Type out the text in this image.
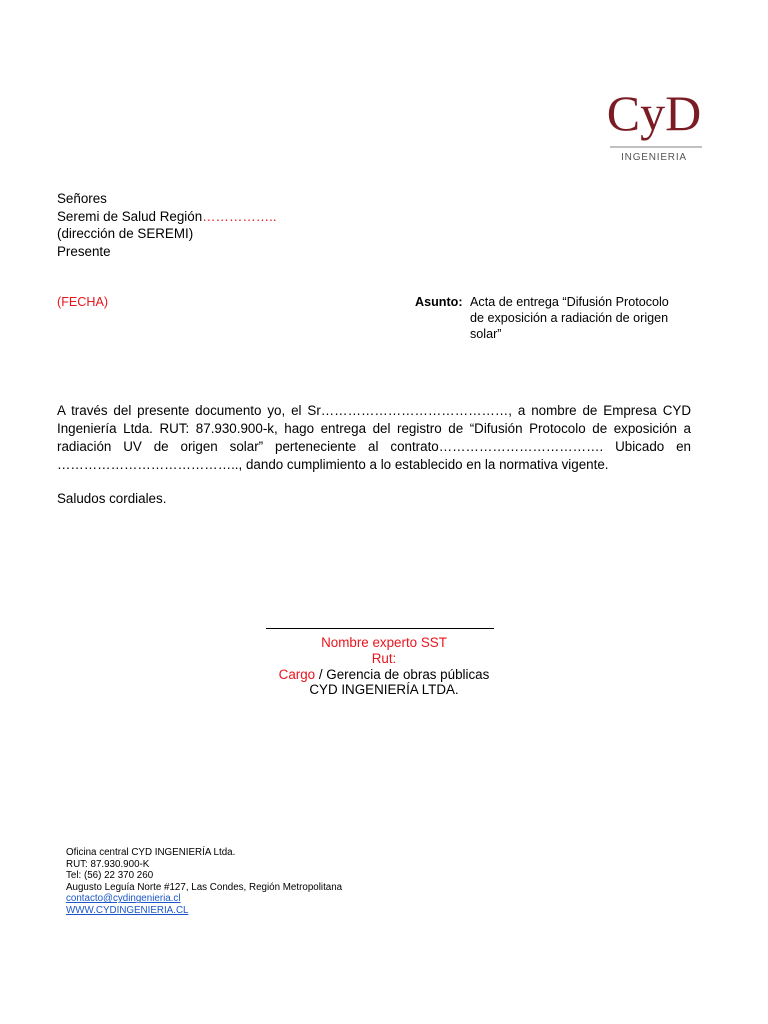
CyD
INGENIERIA
Señores
Seremi de Salud Región……………..
(dirección de SEREMI)
Presente
(FECHA)	Asunto: Acta de entrega “Difusión Protocolo
de exposición a radiación de origen
solar”
A través del presente documento yo, el Sr……………………………………, a nombre de Empresa CYD
Ingeniería Ltda. RUT: 87.930.900-k, hago entrega del registro de “Difusión Protocolo de exposición a
radiación UV de origen solar” perteneciente al contrato………………………………. Ubicado en
………………………………….., dando cumplimiento a lo establecido en la normativa vigente.
Saludos cordiales.
Nombre experto SST
Rut:
Cargo / Gerencia de obras públicas
CYD INGENIERÍA LTDA.
Oficina central CYD INGENIERÍA Ltda.
RUT: 87.930.900-K
Tel: (56) 22 370 260
Augusto Leguía Norte #127, Las Condes, Región Metropolitana
contacto@cydingenieria.cl
WWW.CYDINGENIERIA.CL
